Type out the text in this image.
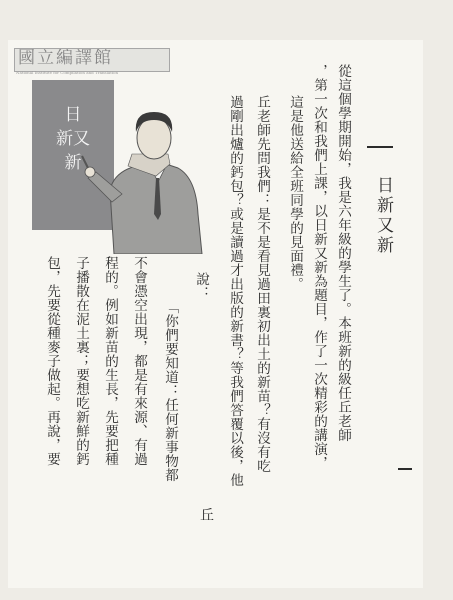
國立編譯館
National Institute for Compilation and Translation
日
新又
新
日新又新
從這個學期開始，我是六年級的學生了。本班新的級任丘老師
，第一次和我們上課，以日新又新為題目，作了一次精彩的講演，
這是他送給全班同學的見面禮。
丘老師先問我們：是不是看見過田裏初出土的新苗？有沒有吃
過剛出爐的鈣包？或是讀過才出版的新書？等我們答覆以後，他
說：
「你們要知道：任何新事物都
不會憑空出現，都是有來源、有過
程的。例如新苗的生長，先要把種
子播散在泥土裏；要想吃新鮮的鈣
包，先要從種麥子做起。再說，要
丘
